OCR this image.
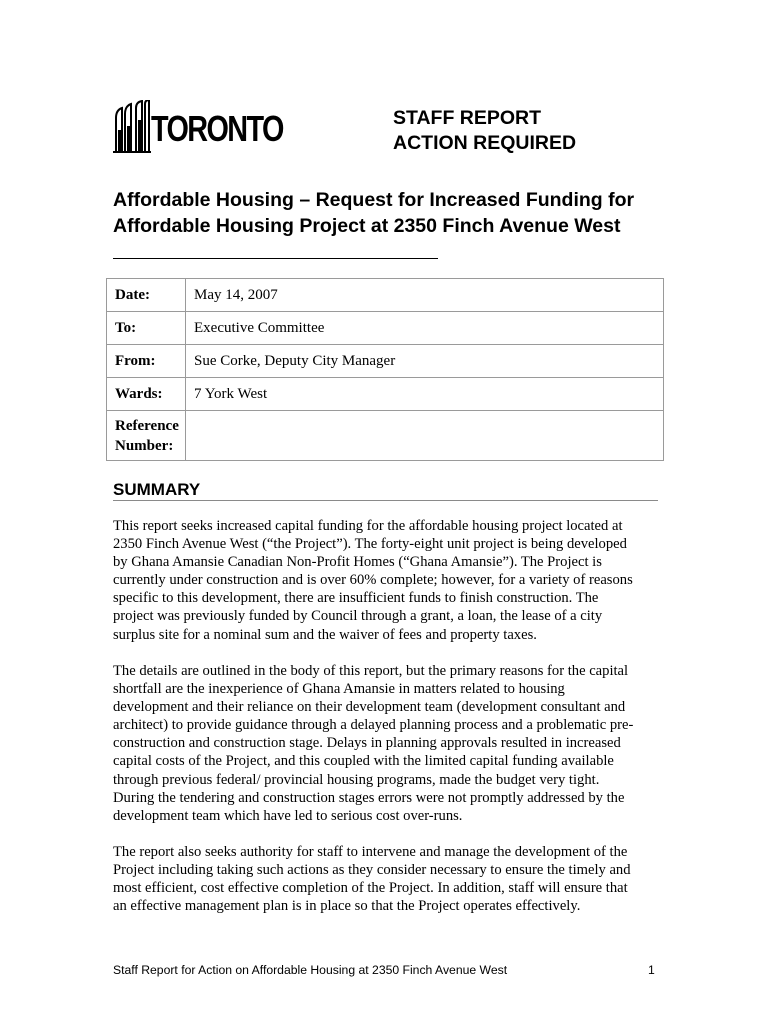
TORONTO	STAFF REPORT
ACTION REQUIRED
Affordable Housing – Request for Increased Funding for
Affordable Housing Project at 2350 Finch Avenue West
Date:	May 14, 2007
To:	Executive Committee
From:	Sue Corke, Deputy City Manager
Wards:	7 York West

Reference
Number:	

SUMMARY
This report seeks increased capital funding for the affordable housing project located at
2350 Finch Avenue West (“the Project”). The forty-eight unit project is being developed
by Ghana Amansie Canadian Non-Profit Homes (“Ghana Amansie”). The Project is
currently under construction and is over 60% complete; however, for a variety of reasons
specific to this development, there are insufficient funds to finish construction. The
project was previously funded by Council through a grant, a loan, the lease of a city
surplus site for a nominal sum and the waiver of fees and property taxes.
The details are outlined in the body of this report, but the primary reasons for the capital
shortfall are the inexperience of Ghana Amansie in matters related to housing
development and their reliance on their development team (development consultant and
architect) to provide guidance through a delayed planning process and a problematic pre-
construction and construction stage. Delays in planning approvals resulted in increased
capital costs of the Project, and this coupled with the limited capital funding available
through previous federal/ provincial housing programs, made the budget very tight.
During the tendering and construction stages errors were not promptly addressed by the
development team which have led to serious cost over-runs.
The report also seeks authority for staff to intervene and manage the development of the
Project including taking such actions as they consider necessary to ensure the timely and
most efficient, cost effective completion of the Project. In addition, staff will ensure that
an effective management plan is in place so that the Project operates effectively.
Staff Report for Action on Affordable Housing at 2350 Finch Avenue West	1
